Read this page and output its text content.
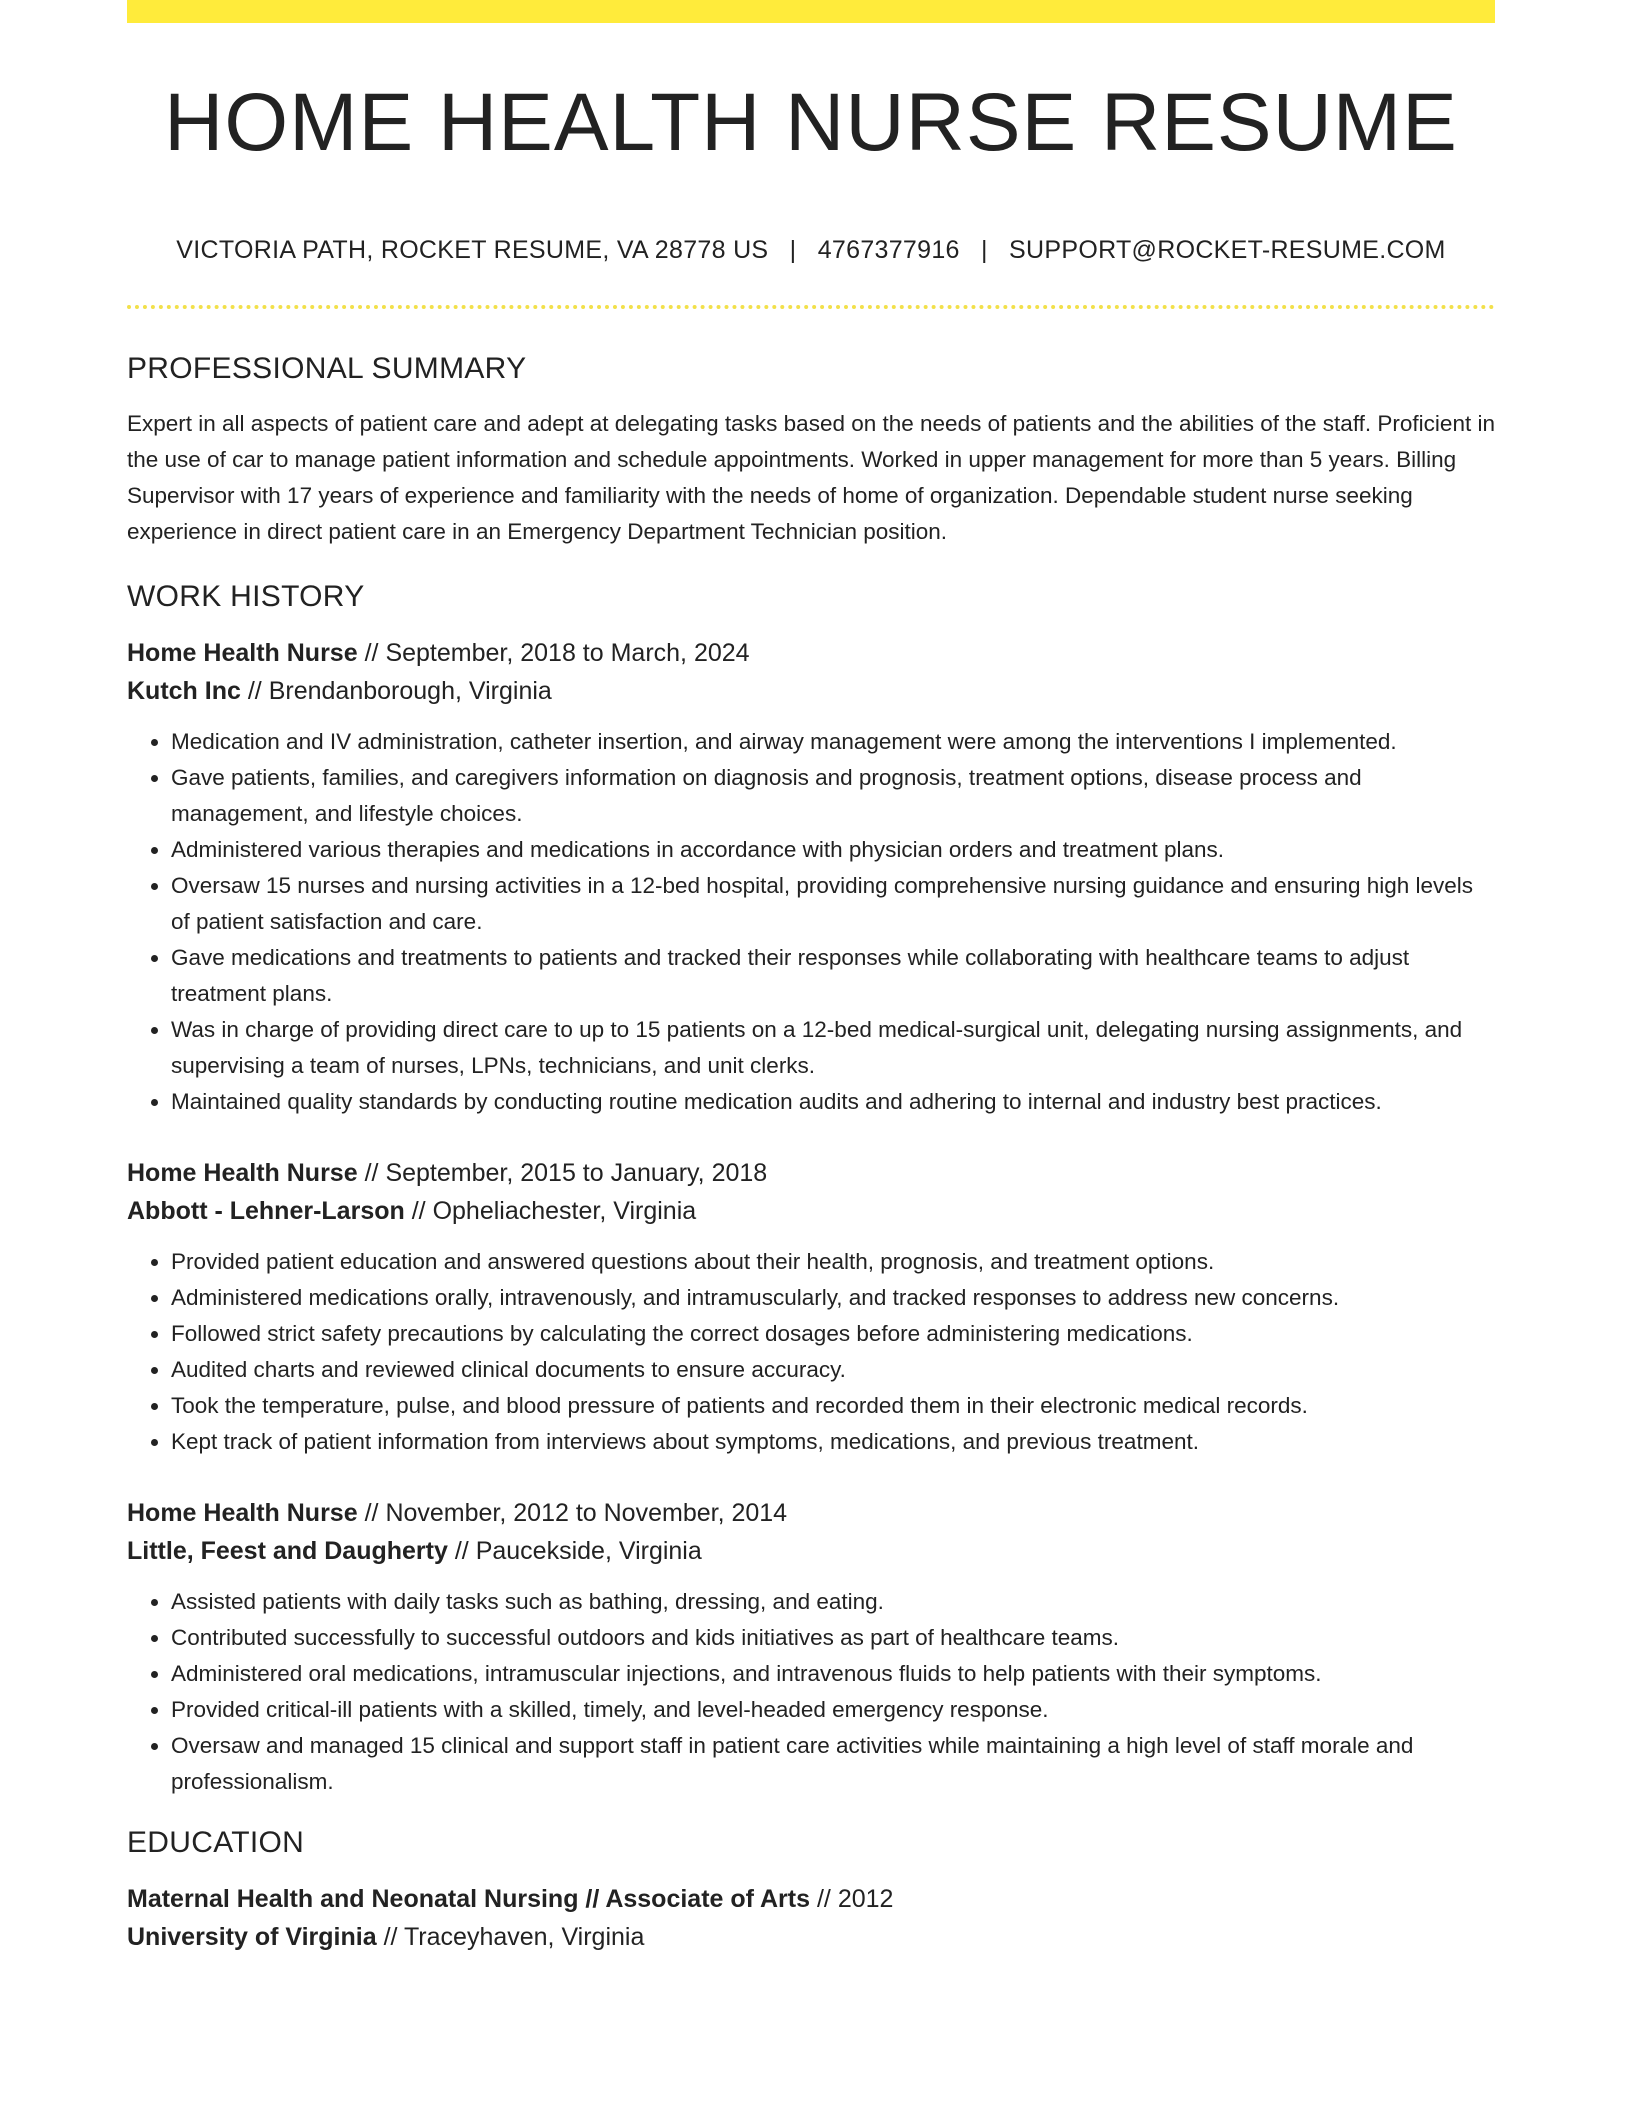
HOME HEALTH NURSE RESUME
VICTORIA PATH, ROCKET RESUME, VA 28778 US | 4767377916 | SUPPORT@ROCKET-RESUME.COM
PROFESSIONAL SUMMARY

Expert in all aspects of patient care and adept at delegating tasks based on the needs of patients and the abilities of the staff. Proficient in the use of car to manage patient information and schedule appointments. Worked in upper management for more than 5 years. Billing Supervisor with 17 years of experience and familiarity with the needs of home of organization. Dependable student nurse seeking experience in direct patient care in an Emergency Department Technician position.

WORK HISTORY
Home Health Nurse // September, 2018 to March, 2024
Kutch Inc // Brendanborough, Virginia
• Medication and IV administration, catheter insertion, and airway management were among the interventions I implemented.
• Gave patients, families, and caregivers information on diagnosis and prognosis, treatment options, disease process and management, and lifestyle choices.
• Administered various therapies and medications in accordance with physician orders and treatment plans.
• Oversaw 15 nurses and nursing activities in a 12-bed hospital, providing comprehensive nursing guidance and ensuring high levels of patient satisfaction and care.
• Gave medications and treatments to patients and tracked their responses while collaborating with healthcare teams to adjust treatment plans.
• Was in charge of providing direct care to up to 15 patients on a 12-bed medical-surgical unit, delegating nursing assignments, and supervising a team of nurses, LPNs, technicians, and unit clerks.
• Maintained quality standards by conducting routine medication audits and adhering to internal and industry best practices.
Home Health Nurse // September, 2015 to January, 2018
Abbott - Lehner-Larson // Opheliachester, Virginia
• Provided patient education and answered questions about their health, prognosis, and treatment options.
• Administered medications orally, intravenously, and intramuscularly, and tracked responses to address new concerns.
• Followed strict safety precautions by calculating the correct dosages before administering medications.
• Audited charts and reviewed clinical documents to ensure accuracy.
• Took the temperature, pulse, and blood pressure of patients and recorded them in their electronic medical records.
• Kept track of patient information from interviews about symptoms, medications, and previous treatment.
Home Health Nurse // November, 2012 to November, 2014
Little, Feest and Daugherty // Paucekside, Virginia
• Assisted patients with daily tasks such as bathing, dressing, and eating.
• Contributed successfully to successful outdoors and kids initiatives as part of healthcare teams.
• Administered oral medications, intramuscular injections, and intravenous fluids to help patients with their symptoms.
• Provided critical-ill patients with a skilled, timely, and level-headed emergency response.
• Oversaw and managed 15 clinical and support staff in patient care activities while maintaining a high level of staff morale and professionalism.
EDUCATION
Maternal Health and Neonatal Nursing // Associate of Arts // 2012
University of Virginia // Traceyhaven, Virginia
